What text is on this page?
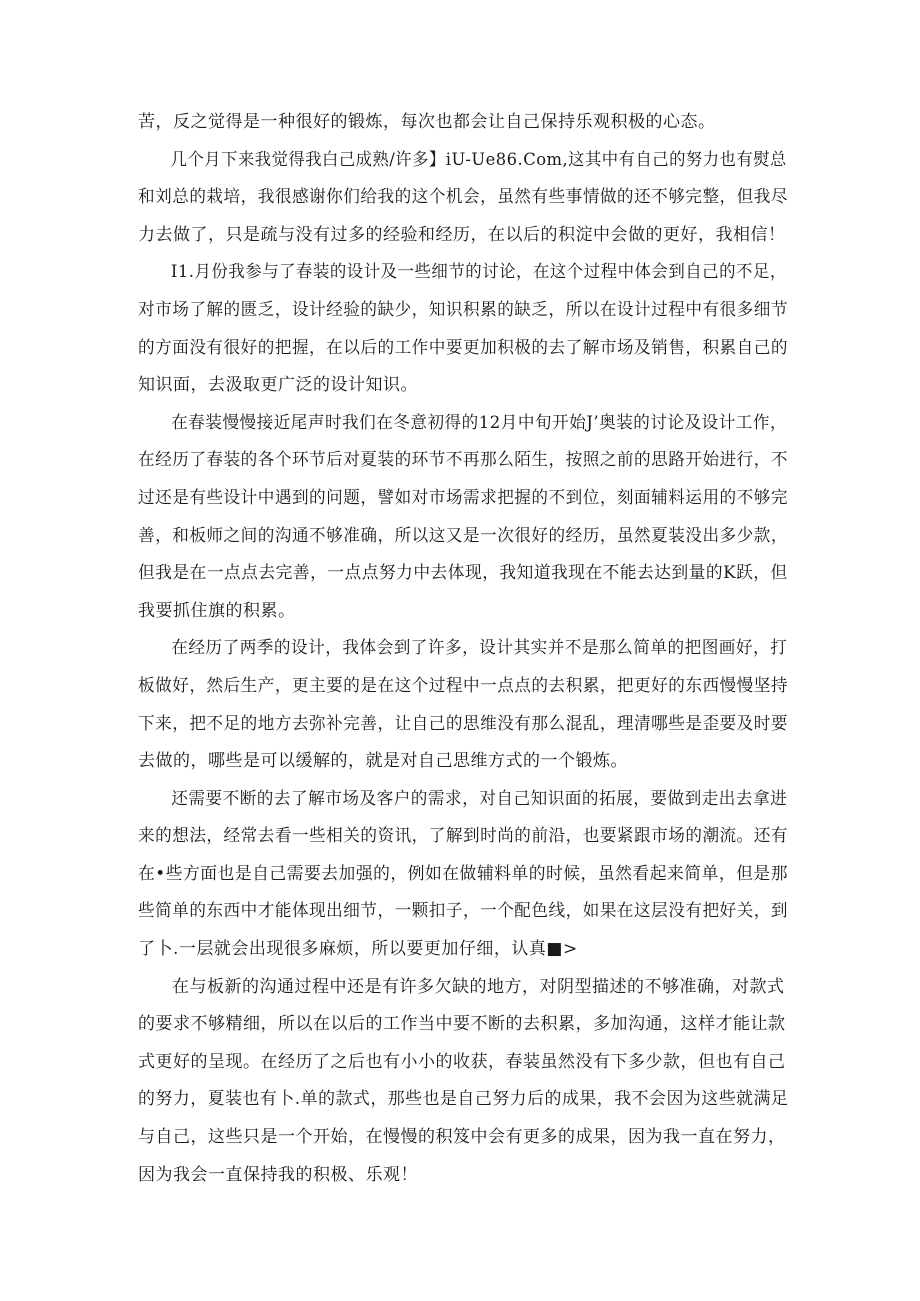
苦，反之觉得是一种很好的锻炼，每次也都会让自己保持乐观积极的心态。

几个月下来我觉得我白己成熟/许多】iU-Ue86.Com,这其中有自己的努力也有熨总
和刘总的栽培，我很感谢你们给我的这个机会，虽然有些事情做的还不够完整，但我尽
力去做了，只是疏与没有过多的经验和经历，在以后的积淀中会做的更好，我相信！

I1.月份我参与了春装的设计及一些细节的讨论，在这个过程中体会到自己的不足，
对市场了解的匮乏，设计经验的缺少，知识积累的缺乏，所以在设计过程中有很多细节
的方面没有很好的把握，在以后的工作中要更加积极的去了解市场及销售，积累自己的
知识面，去汲取更广泛的设计知识。

在春装慢慢接近尾声时我们在冬意初得的12月中旬开始J’奥装的讨论及设计工作，
在经历了春装的各个环节后对夏装的环节不再那么陌生，按照之前的思路开始进行，不
过还是有些设计中遇到的问题，譬如对市场需求把握的不到位，刻面辅料运用的不够完
善，和板师之间的沟通不够准确，所以这又是一次很好的经历，虽然夏装没出多少款，
但我是在一点点去完善，一点点努力中去体现，我知道我现在不能去达到量的K跃，但
我要抓住旗的积累。

在经历了两季的设计，我体会到了许多，设计其实并不是那么简单的把图画好，打
板做好，然后生产，更主要的是在这个过程中一点点的去积累，把更好的东西慢慢坚持
下来，把不足的地方去弥补完善，让自己的思维没有那么混乱，理清哪些是歪要及时要
去做的，哪些是可以缓解的，就是对自己思维方式的一个锻炼。

还需要不断的去了解市场及客户的需求，对自己知识面的拓展，要做到走出去拿进
来的想法，经常去看一些相关的资讯，了解到时尚的前沿，也要紧跟市场的潮流。还有
在•些方面也是自己需要去加强的，例如在做辅料单的时候，虽然看起来简单，但是那
些简单的东西中才能体现出细节，一颗扣子，一个配色线，如果在这层没有把好关，到
了卜.一层就会出现很多麻烦，所以要更加仔细，认真■>

在与板新的沟通过程中还是有许多欠缺的地方，对阴型描述的不够准确，对款式
的要求不够精细，所以在以后的工作当中要不断的去积累，多加沟通，这样才能让款
式更好的呈现。在经历了之后也有小小的收获，春装虽然没有下多少款，但也有自己
的努力，夏装也有卜.单的款式，那些也是自己努力后的成果，我不会因为这些就满足
与自己，这些只是一个开始，在慢慢的积笈中会有更多的成果，因为我一直在努力，
因为我会一直保持我的积极、乐观！
